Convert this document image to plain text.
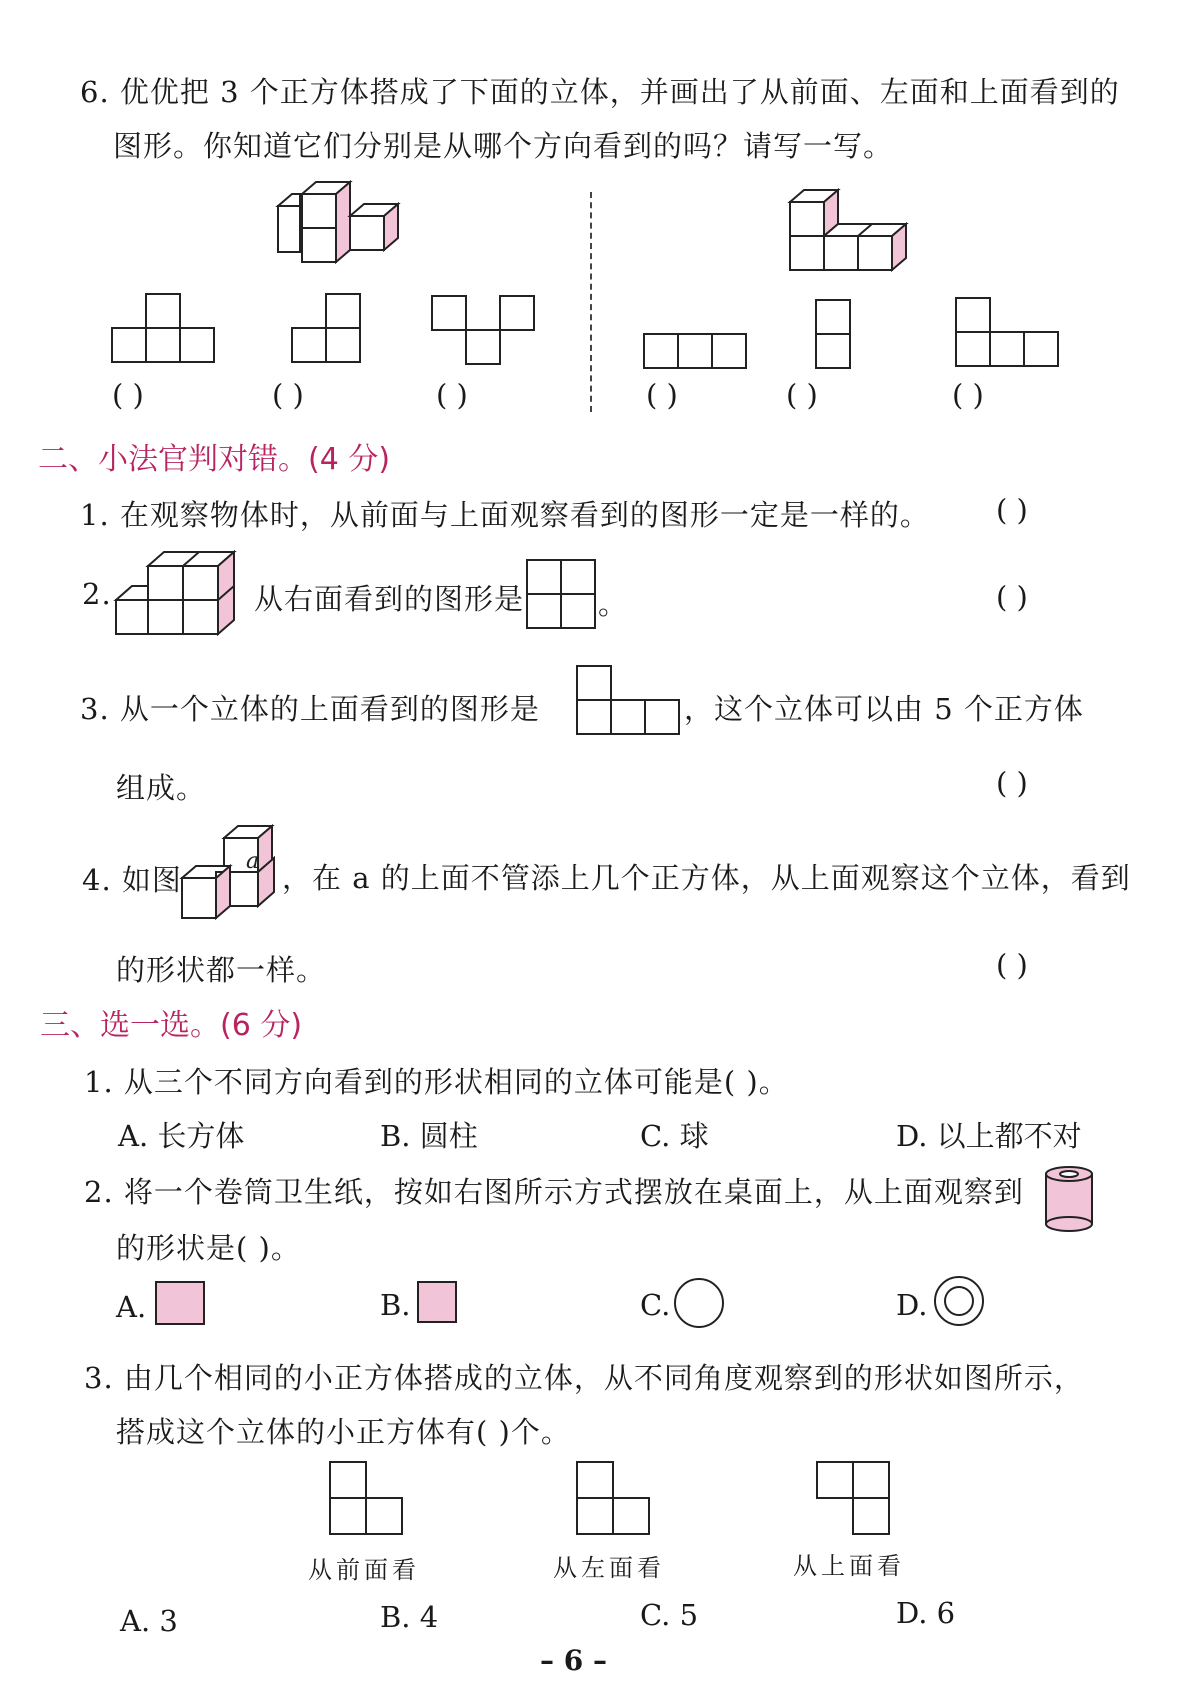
6. 优优把 3 个正方体搭成了下面的立体，并画出了从前面、左面和上面看到的
图形。你知道它们分别是从哪个方向看到的吗？请写一写。
( )	( )	( )	( )	( )	( )
二、小法官判对错。(4 分)
1. 在观察物体时，从前面与上面观察看到的图形一定是一样的。 ( )
2.	从右面看到的图形是	。	( )
3. 从一个立体的上面看到的图形是	，这个立体可以由 5 个正方体
组成。	( )
4. 如图
a ，在 a 的上面不管添上几个正方体，从上面观察这个立体，看到
的形状都一样。	( )
三、选一选。(6 分)
1. 从三个不同方向看到的形状相同的立体可能是( )。
A. 长方体	B. 圆柱	C. 球	D. 以上都不对
2. 将一个卷筒卫生纸，按如右图所示方式摆放在桌面上，从上面观察到
的形状是( )。
A.	B.	C.	D.
3. 由几个相同的小正方体搭成的立体，从不同角度观察到的形状如图所示，
搭成这个立体的小正方体有( )个。
从前面看	从左面看	从上面看
A. 3	B. 4	C. 5	D. 6
– 6 –
